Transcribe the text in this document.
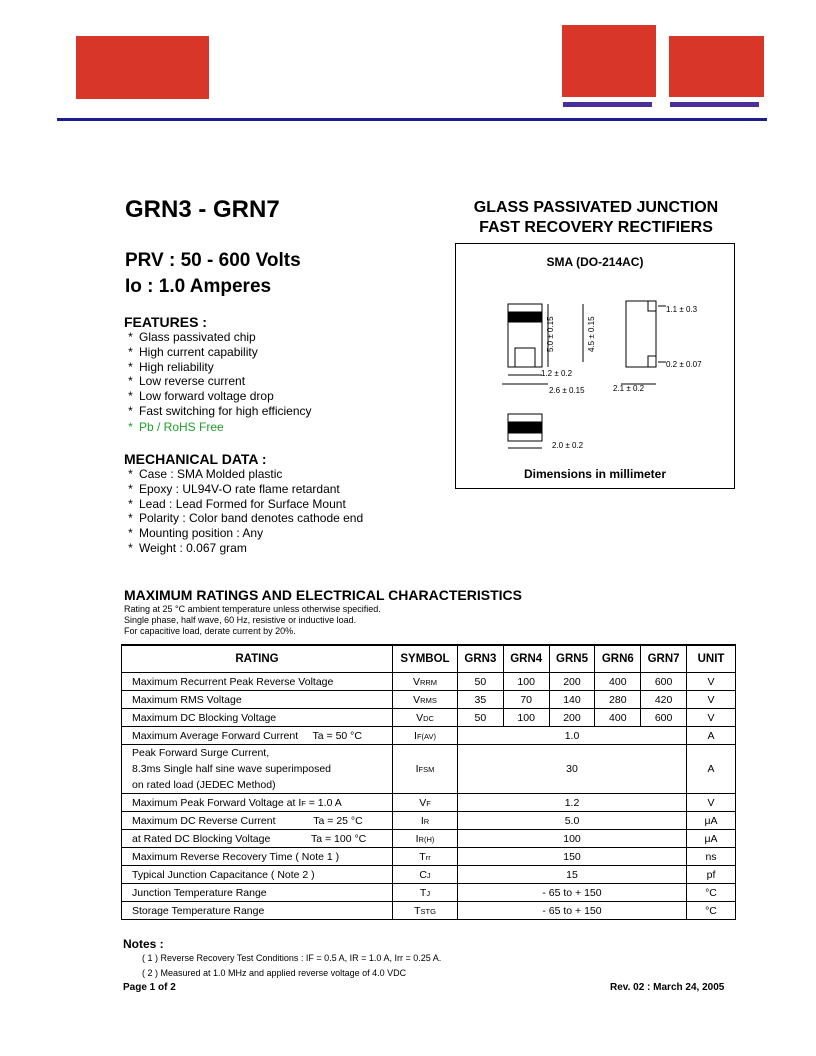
GRN3 - GRN7
PRV : 50 - 600 Volts
Io : 1.0 Amperes
FEATURES :
* Glass passivated chip
* High current capability
* High reliability
* Low reverse current
* Low forward voltage drop
* Fast switching for high efficiency
* Pb / RoHS Free
MECHANICAL DATA :
* Case : SMA Molded plastic
* Epoxy : UL94V-O rate flame retardant
* Lead : Lead Formed for Surface Mount
* Polarity : Color band denotes cathode end
* Mounting position : Any
* Weight : 0.067 gram
GLASS PASSIVATED JUNCTION
FAST RECOVERY RECTIFIERS
SMA (DO-214AC)
1.1 ± 0.3
5.0 ± 0.15	4.5 ± 0.15
0.2 ± 0.07
1.2 ± 0.2
2.6 ± 0.15	2.1 ± 0.2
2.0 ± 0.2
Dimensions in millimeter
MAXIMUM RATINGS AND ELECTRICAL CHARACTERISTICS
Rating at 25 °C ambient temperature unless otherwise specified.
Single phase, half wave, 60 Hz, resistive or inductive load.
For capacitive load, derate current by 20%.
RATING	SYMBOL	GRN3	GRN4	GRN5	GRN6	GRN7	UNIT
Maximum Recurrent Peak Reverse Voltage	VRRM	50	100	200	400	600	V
Maximum RMS Voltage	VRMS	35	70	140	280	420	V
Maximum DC Blocking Voltage	VDC	50	100	200	400	600	V
Maximum Average Forward Current     Ta = 50 °C	IF(AV)	1.0					A

Peak Forward Surge Current,
8.3ms Single half sine wave superimposed
on rated load (JEDEC Method)	IFSM	30					A
Maximum Peak Forward Voltage at IF = 1.0 A	VF	1.2					V
Maximum DC Reverse Current             Ta = 25 °C	IR	5.0					μA
at Rated DC Blocking Voltage              Ta = 100 °C	IR(H)	100					μA
Maximum Reverse Recovery Time ( Note 1 )	Trr	150					ns
Typical Junction Capacitance ( Note 2 )	CJ	15					pf
Junction Temperature Range	TJ	- 65 to + 150					°C
Storage Temperature Range	TSTG	- 65 to + 150					°C
Notes :
( 1 ) Reverse Recovery Test Conditions : IF = 0.5 A, IR = 1.0 A, Irr = 0.25 A.
( 2 ) Measured at 1.0 MHz and applied reverse voltage of 4.0 VDC
Page 1 of 2	Rev. 02 : March 24, 2005
